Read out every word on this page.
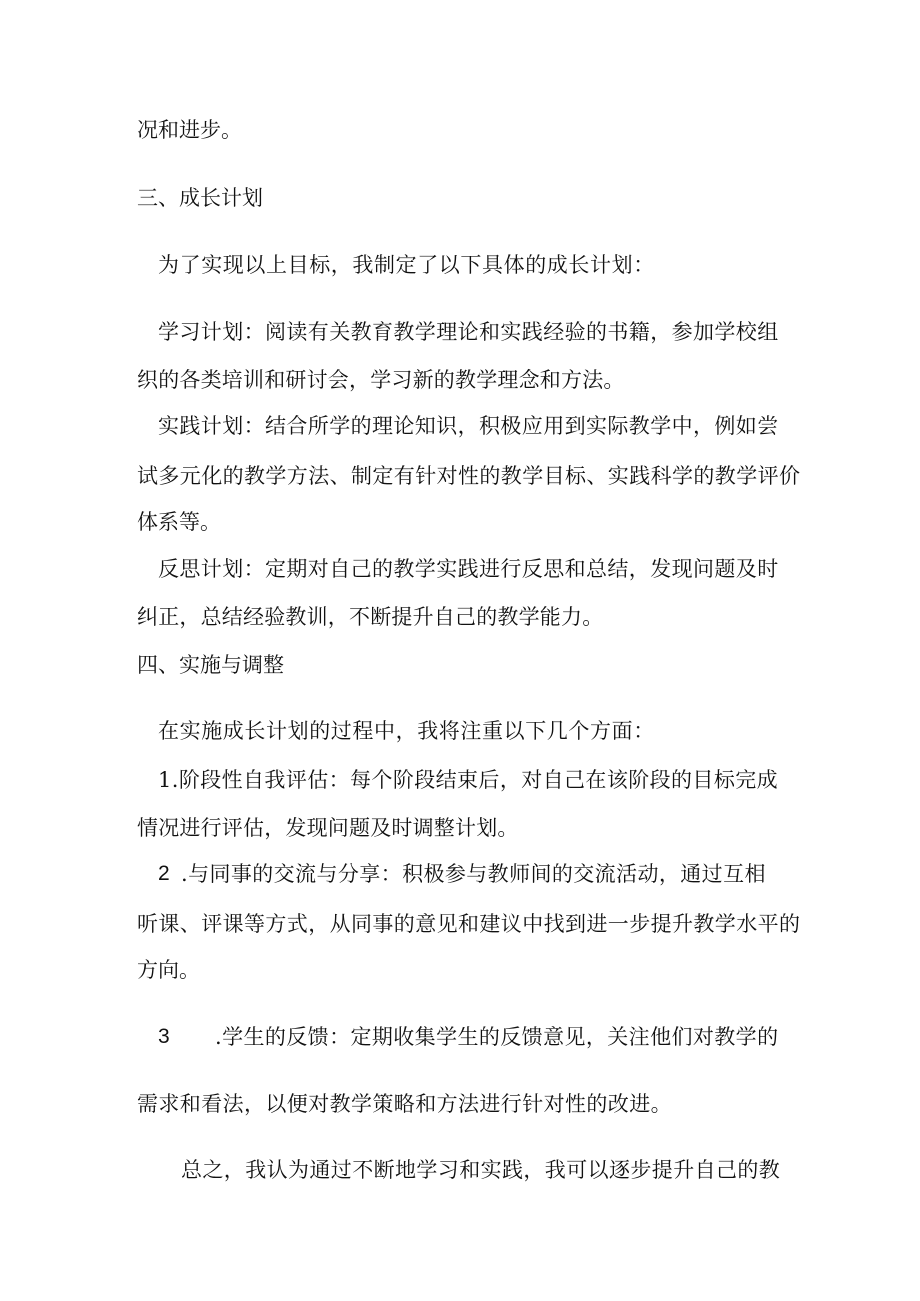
况和进步。
三、成长计划
为了实现以上目标，我制定了以下具体的成长计划：
学习计划：阅读有关教育教学理论和实践经验的书籍，参加学校组
织的各类培训和研讨会，学习新的教学理念和方法。
实践计划：结合所学的理论知识，积极应用到实际教学中，例如尝
试多元化的教学方法、制定有针对性的教学目标、实践科学的教学评价
体系等。
反思计划：定期对自己的教学实践进行反思和总结，发现问题及时
纠正，总结经验教训，不断提升自己的教学能力。
四、实施与调整
在实施成长计划的过程中，我将注重以下几个方面：
1.阶段性自我评估：每个阶段结束后，对自己在该阶段的目标完成
情况进行评估，发现问题及时调整计划。
2 .与同事的交流与分享：积极参与教师间的交流活动，通过互相
听课、评课等方式，从同事的意见和建议中找到进一步提升教学水平的
方向。
3 .学生的反馈：定期收集学生的反馈意见，关注他们对教学的
需求和看法，以便对教学策略和方法进行针对性的改进。
总之，我认为通过不断地学习和实践，我可以逐步提升自己的教
